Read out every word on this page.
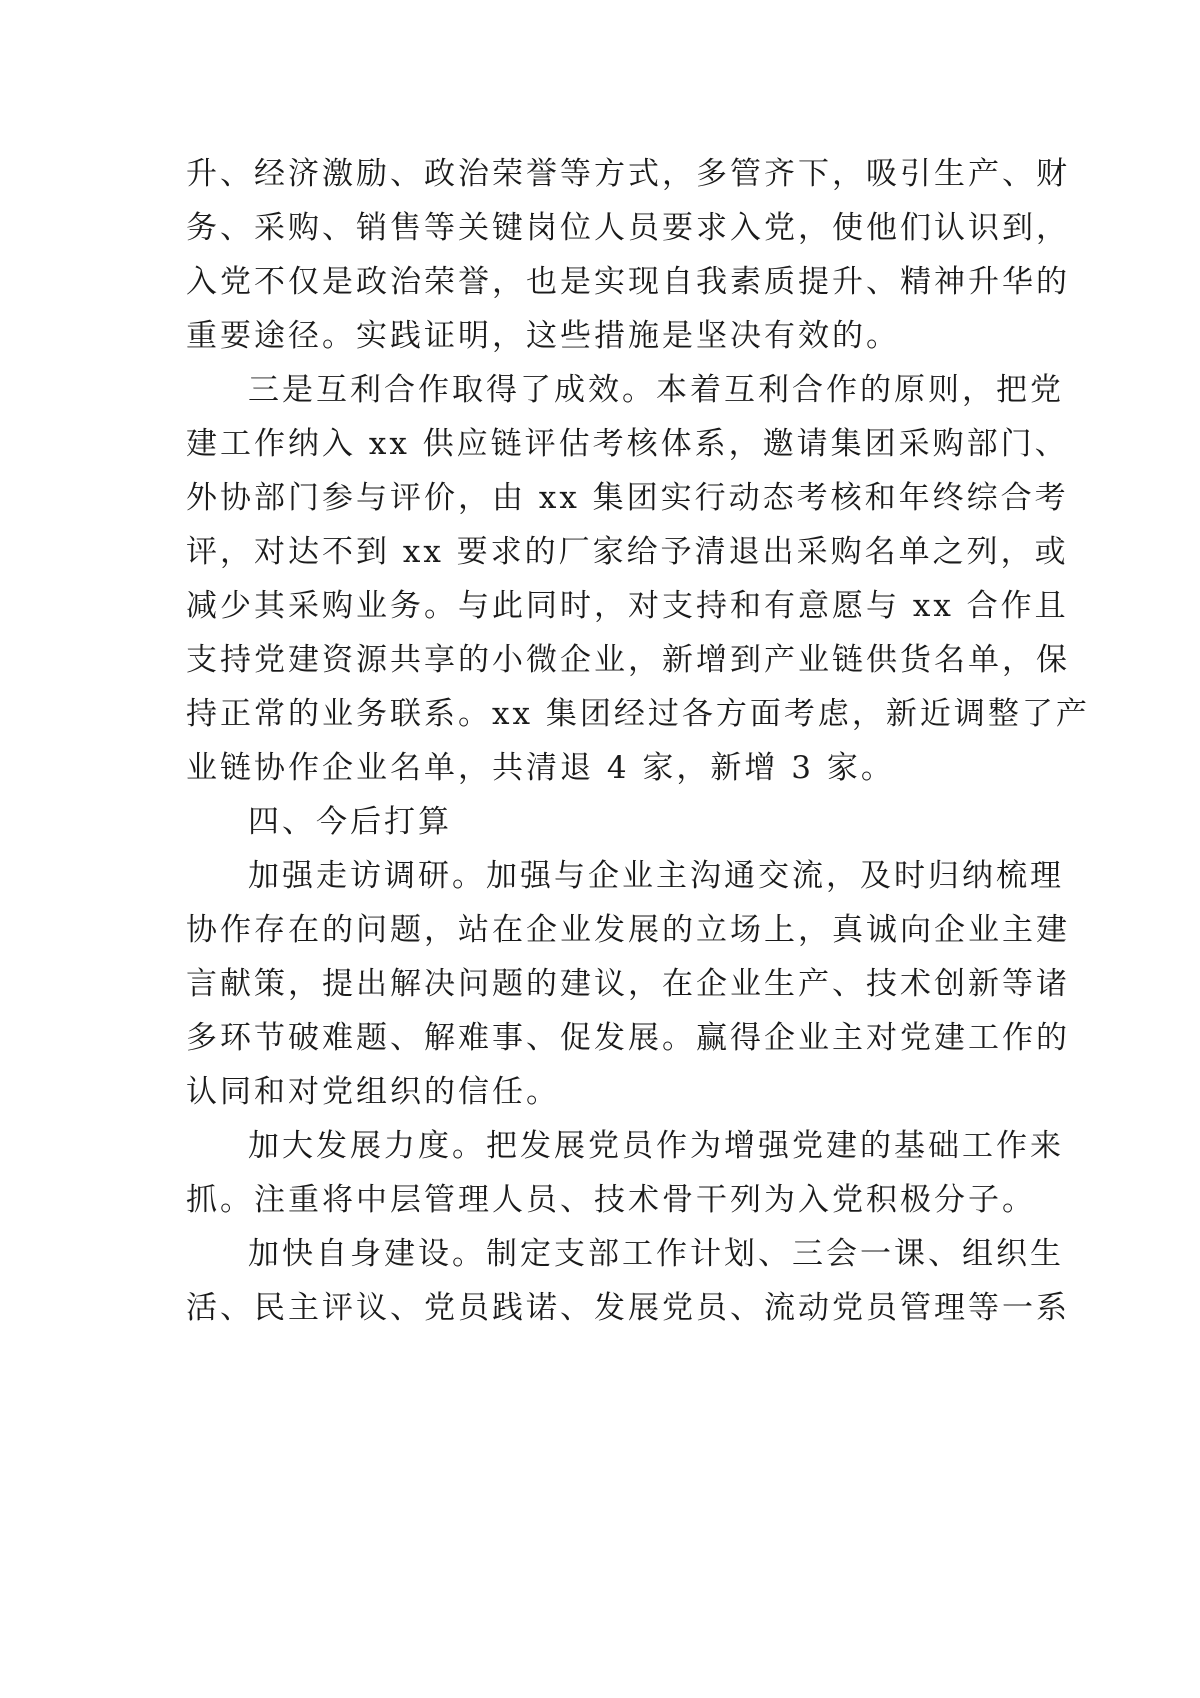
升、经济激励、政治荣誉等方式，多管齐下，吸引生产、财
务、采购、销售等关键岗位人员要求入党，使他们认识到，
入党不仅是政治荣誉，也是实现自我素质提升、精神升华的
重要途径。实践证明，这些措施是坚决有效的。

三是互利合作取得了成效。本着互利合作的原则，把党
建工作纳入 xx 供应链评估考核体系，邀请集团采购部门、
外协部门参与评价，由 xx 集团实行动态考核和年终综合考
评，对达不到 xx 要求的厂家给予清退出采购名单之列，或
减少其采购业务。与此同时，对支持和有意愿与 xx 合作且
支持党建资源共享的小微企业，新增到产业链供货名单，保
持正常的业务联系。xx 集团经过各方面考虑，新近调整了产
业链协作企业名单，共清退 4 家，新增 3 家。

四、今后打算

加强走访调研。加强与企业主沟通交流，及时归纳梳理
协作存在的问题，站在企业发展的立场上，真诚向企业主建
言献策，提出解决问题的建议，在企业生产、技术创新等诸
多环节破难题、解难事、促发展。赢得企业主对党建工作的
认同和对党组织的信任。

加大发展力度。把发展党员作为增强党建的基础工作来
抓。注重将中层管理人员、技术骨干列为入党积极分子。

加快自身建设。制定支部工作计划、三会一课、组织生
活、民主评议、党员践诺、发展党员、流动党员管理等一系
